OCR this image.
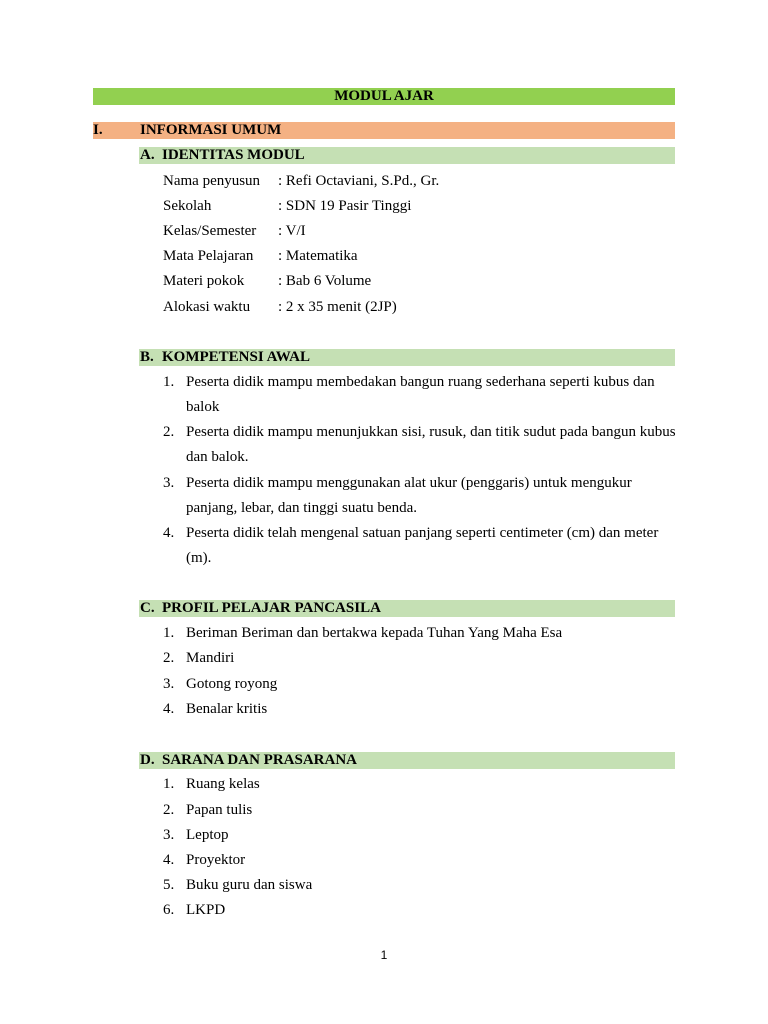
MODUL AJAR
I. INFORMASI UMUM
A. IDENTITAS MODUL
Nama penyusun : Refi Octaviani, S.Pd., Gr.
Sekolah	: SDN 19 Pasir Tinggi
Kelas/Semester : V/I
Mata Pelajaran : Matematika
Materi pokok : Bab 6 Volume
Alokasi waktu : 2 x 35 menit (2JP)
B. KOMPETENSI AWAL
1. Peserta didik mampu membedakan bangun ruang sederhana seperti kubus dan balok
2. Peserta didik mampu menunjukkan sisi, rusuk, dan titik sudut pada bangun kubus dan balok.
3. Peserta didik mampu menggunakan alat ukur (penggaris) untuk mengukur panjang, lebar, dan tinggi suatu benda.
4. Peserta didik telah mengenal satuan panjang seperti centimeter (cm) dan meter (m).
C. PROFIL PELAJAR PANCASILA
1. Beriman Beriman dan bertakwa kepada Tuhan Yang Maha Esa
2. Mandiri
3. Gotong royong
4. Benalar kritis
D. SARANA DAN PRASARANA
1. Ruang kelas
2. Papan tulis
3. Leptop
4. Proyektor
5. Buku guru dan siswa
6. LKPD
1
